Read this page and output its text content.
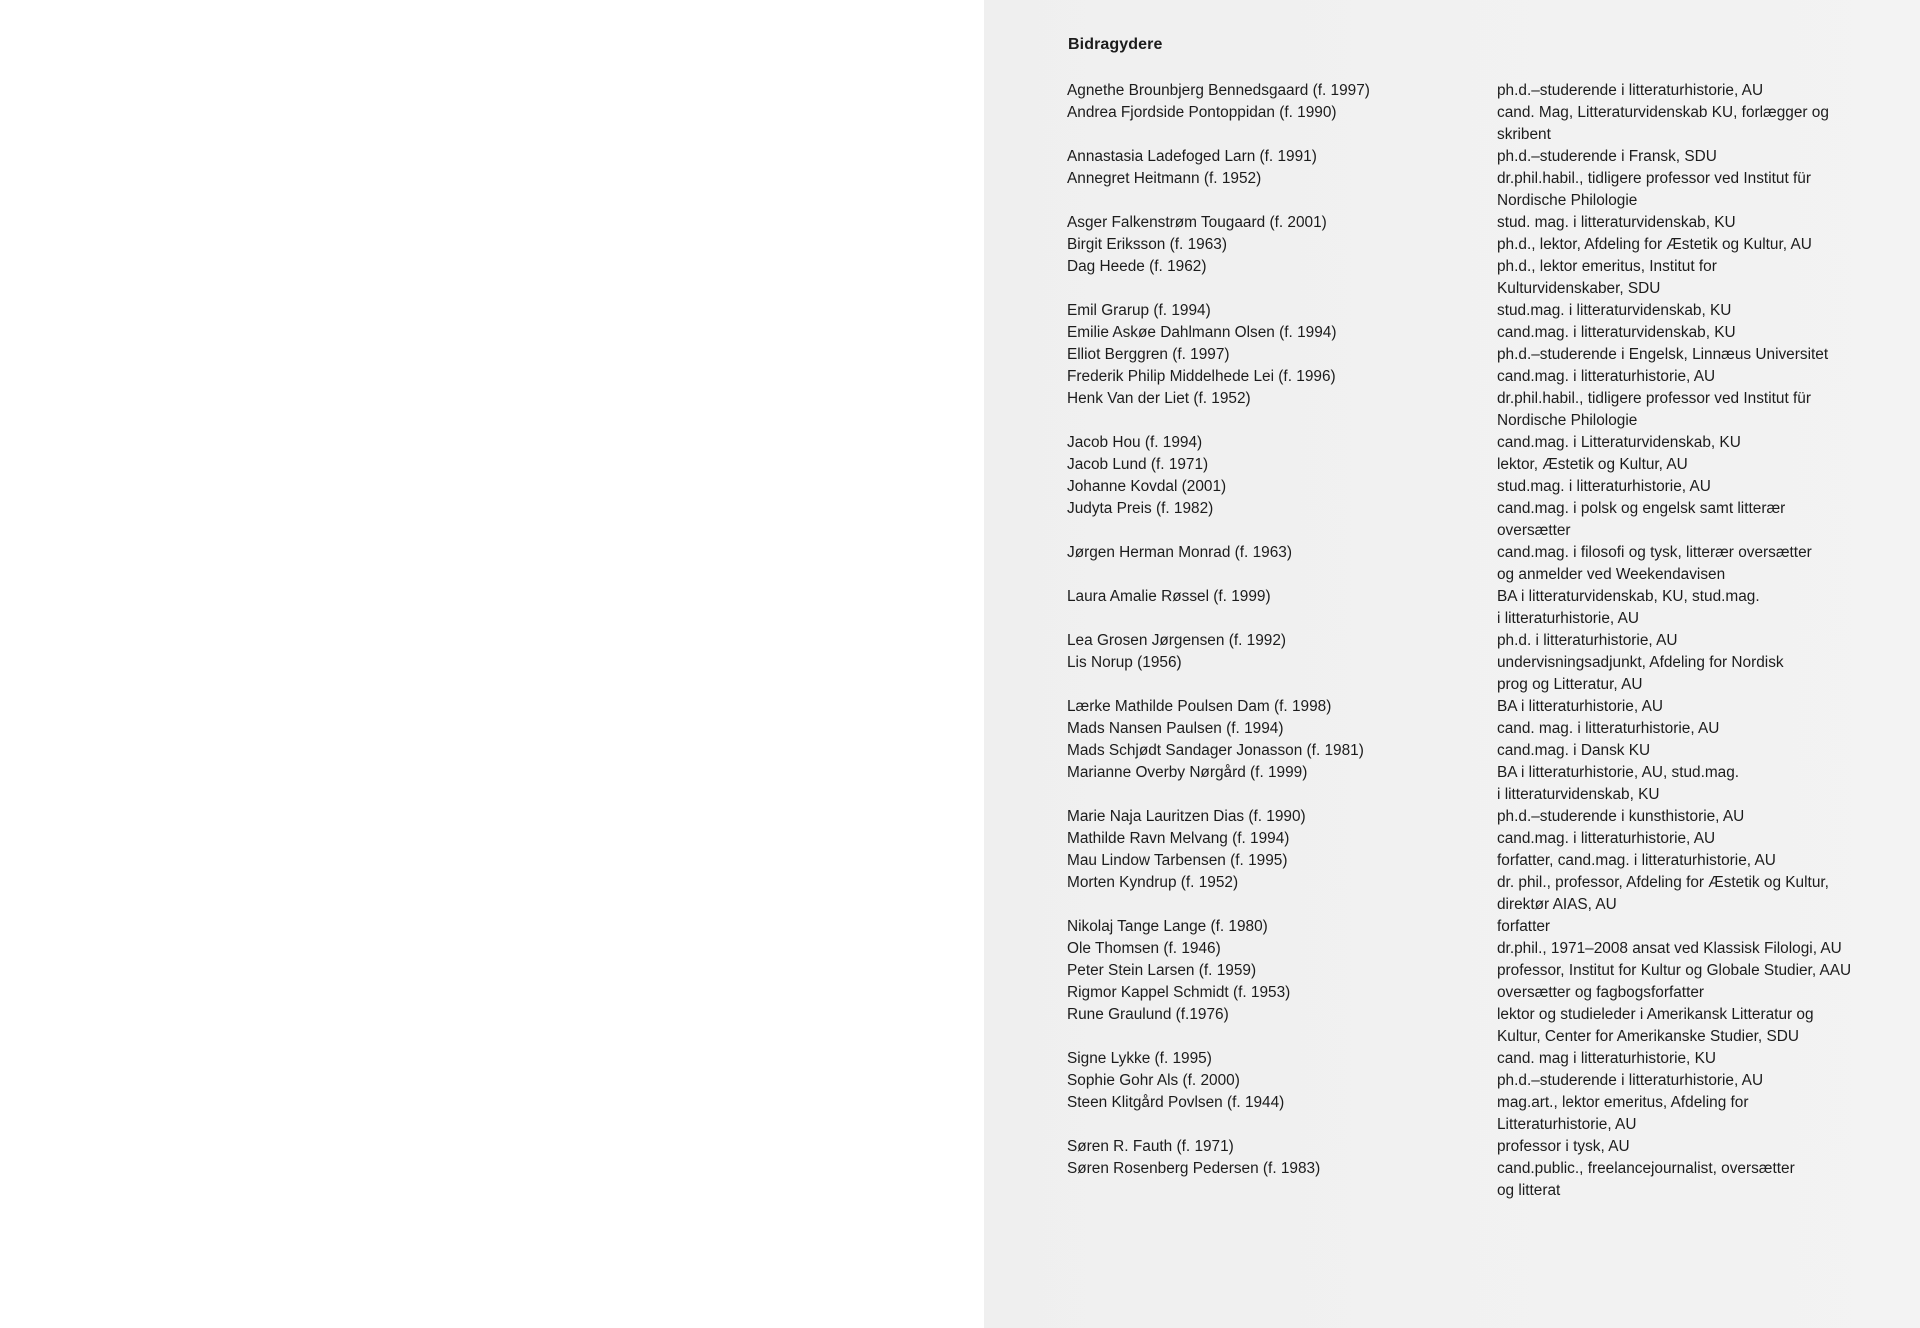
Bidragydere
Agnethe Brounbjerg Bennedsgaard (f. 1997)	ph.d.–studerende i litteraturhistorie, AU
Andrea Fjordside Pontoppidan (f. 1990)	cand. Mag, Litteraturvidenskab KU, forlægger og
skribent
Annastasia Ladefoged Larn (f. 1991)	ph.d.–studerende i Fransk, SDU
Annegret Heitmann (f. 1952)	dr.phil.habil., tidligere professor ved Institut für
Nordische Philologie
Asger Falkenstrøm Tougaard (f. 2001)	stud. mag. i litteraturvidenskab, KU
Birgit Eriksson (f. 1963)	ph.d., lektor, Afdeling for Æstetik og Kultur, AU
Dag Heede (f. 1962)	ph.d., lektor emeritus, Institut for
Kulturvidenskaber, SDU
Emil Grarup (f. 1994)	stud.mag. i litteraturvidenskab, KU
Emilie Askøe Dahlmann Olsen (f. 1994)	cand.mag. i litteraturvidenskab, KU
Elliot Berggren (f. 1997)	ph.d.–studerende i Engelsk, Linnæus Universitet
Frederik Philip Middelhede Lei (f. 1996)	cand.mag. i litteraturhistorie, AU
Henk Van der Liet (f. 1952)	dr.phil.habil., tidligere professor ved Institut für
Nordische Philologie
Jacob Hou (f. 1994)	cand.mag. i Litteraturvidenskab, KU
Jacob Lund (f. 1971)	lektor, Æstetik og Kultur, AU
Johanne Kovdal (2001)	stud.mag. i litteraturhistorie, AU
Judyta Preis (f. 1982)	cand.mag. i polsk og engelsk samt litterær
oversætter
Jørgen Herman Monrad (f. 1963)	cand.mag. i filosofi og tysk, litterær oversætter
og anmelder ved Weekendavisen
Laura Amalie Røssel (f. 1999)	BA i litteraturvidenskab, KU, stud.mag.
i litteraturhistorie, AU
Lea Grosen Jørgensen (f. 1992)	ph.d. i litteraturhistorie, AU
Lis Norup (1956)	undervisningsadjunkt, Afdeling for Nordisk
prog og Litteratur, AU
Lærke Mathilde Poulsen Dam (f. 1998)	BA i litteraturhistorie, AU
Mads Nansen Paulsen (f. 1994)	cand. mag. i litteraturhistorie, AU
Mads Schjødt Sandager Jonasson (f. 1981)	cand.mag. i Dansk KU
Marianne Overby Nørgård (f. 1999)	BA i litteraturhistorie, AU, stud.mag.
i litteraturvidenskab, KU
Marie Naja Lauritzen Dias (f. 1990)	ph.d.–studerende i kunsthistorie, AU
Mathilde Ravn Melvang (f. 1994)	cand.mag. i litteraturhistorie, AU
Mau Lindow Tarbensen (f. 1995)	forfatter, cand.mag. i litteraturhistorie, AU
Morten Kyndrup (f. 1952)	dr. phil., professor, Afdeling for Æstetik og Kultur,
direktør AIAS, AU
Nikolaj Tange Lange (f. 1980)	forfatter
Ole Thomsen (f. 1946)	dr.phil., 1971–2008 ansat ved Klassisk Filologi, AU
Peter Stein Larsen (f. 1959)	professor, Institut for Kultur og Globale Studier, AAU
Rigmor Kappel Schmidt (f. 1953)	oversætter og fagbogsforfatter
Rune Graulund (f.1976)	lektor og studieleder i Amerikansk Litteratur og
Kultur, Center for Amerikanske Studier, SDU
Signe Lykke (f. 1995)	cand. mag i litteraturhistorie, KU
Sophie Gohr Als (f. 2000)	ph.d.–studerende i litteraturhistorie, AU
Steen Klitgård Povlsen (f. 1944)	mag.art., lektor emeritus, Afdeling for
Litteraturhistorie, AU
Søren R. Fauth (f. 1971)	professor i tysk, AU
Søren Rosenberg Pedersen (f. 1983)	cand.public., freelancejournalist, oversætter
og litterat
